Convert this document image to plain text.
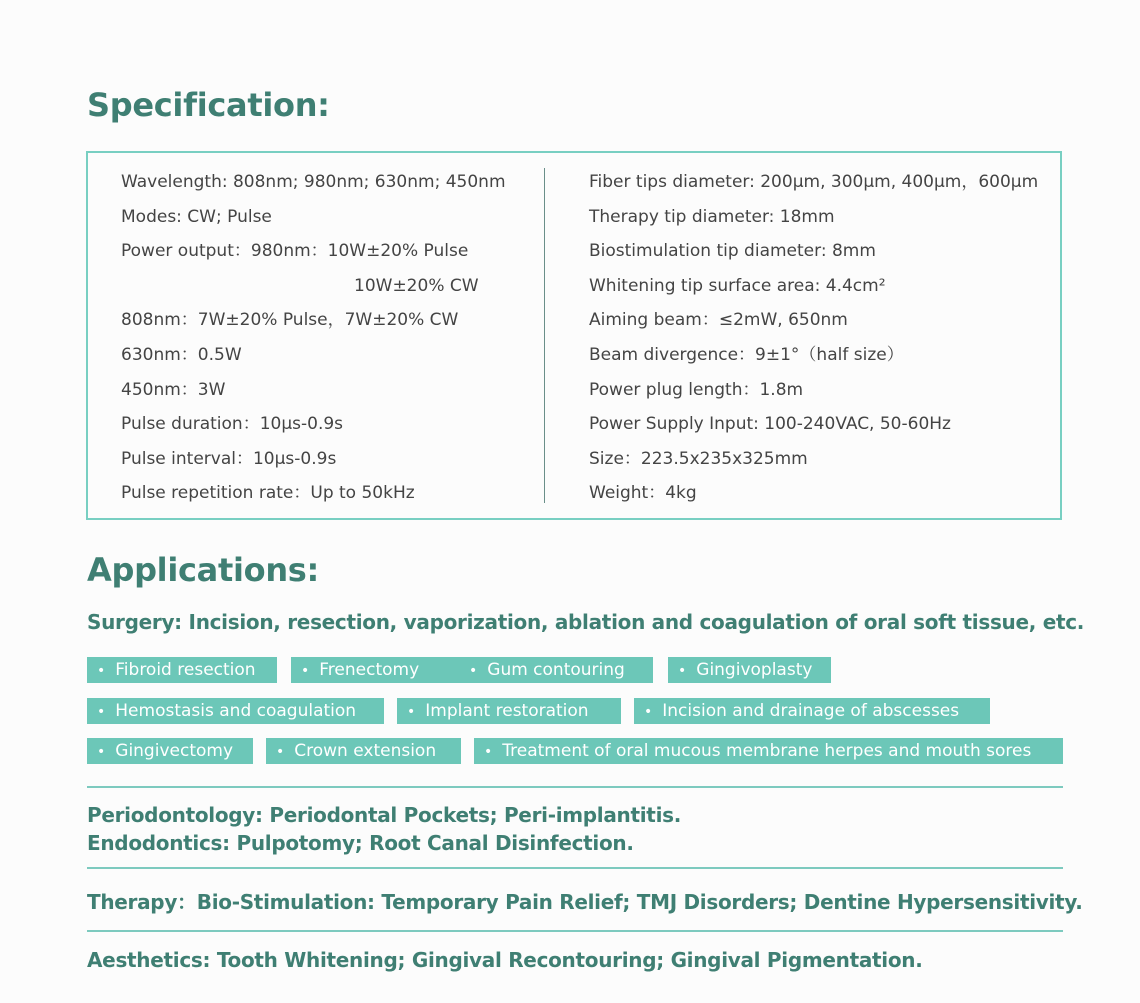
Specification:
Wavelength: 808nm; 980nm; 630nm; 450nm
Modes: CW; Pulse
Power output：980nm：10W±20% Pulse
10W±20% CW
808nm：7W±20% Pulse，7W±20% CW
630nm：0.5W
450nm：3W
Pulse duration：10μs-0.9s
Pulse interval：10μs-0.9s
Pulse repetition rate：Up to 50kHz
Fiber tips diameter: 200μm, 300μm, 400μm，600μm
Therapy tip diameter: 18mm
Biostimulation tip diameter: 8mm
Whitening tip surface area: 4.4cm²
Aiming beam：≤2mW, 650nm
Beam divergence：9±1°（half size）
Power plug length：1.8m
Power Supply Input: 100-240VAC, 50-60Hz
Size：223.5x235x325mm
Weight：4kg
Applications:

Surgery: Incision, resection, vaporization, ablation and coagulation of oral soft tissue, etc.

• Fibroid resection	• Frenectomy	• Gum contouring	• Gingivoplasty
• Hemostasis and coagulation	• Implant restoration	• Incision and drainage of abscesses
• Gingivectomy	• Crown extension	• Treatment of oral mucous membrane herpes and mouth sores

Periodontology: Periodontal Pockets; Peri-implantitis.

Endodontics: Pulpotomy; Root Canal Disinfection.

Therapy：Bio-Stimulation: Temporary Pain Relief; TMJ Disorders; Dentine Hypersensitivity.

Aesthetics: Tooth Whitening; Gingival Recontouring; Gingival Pigmentation.
